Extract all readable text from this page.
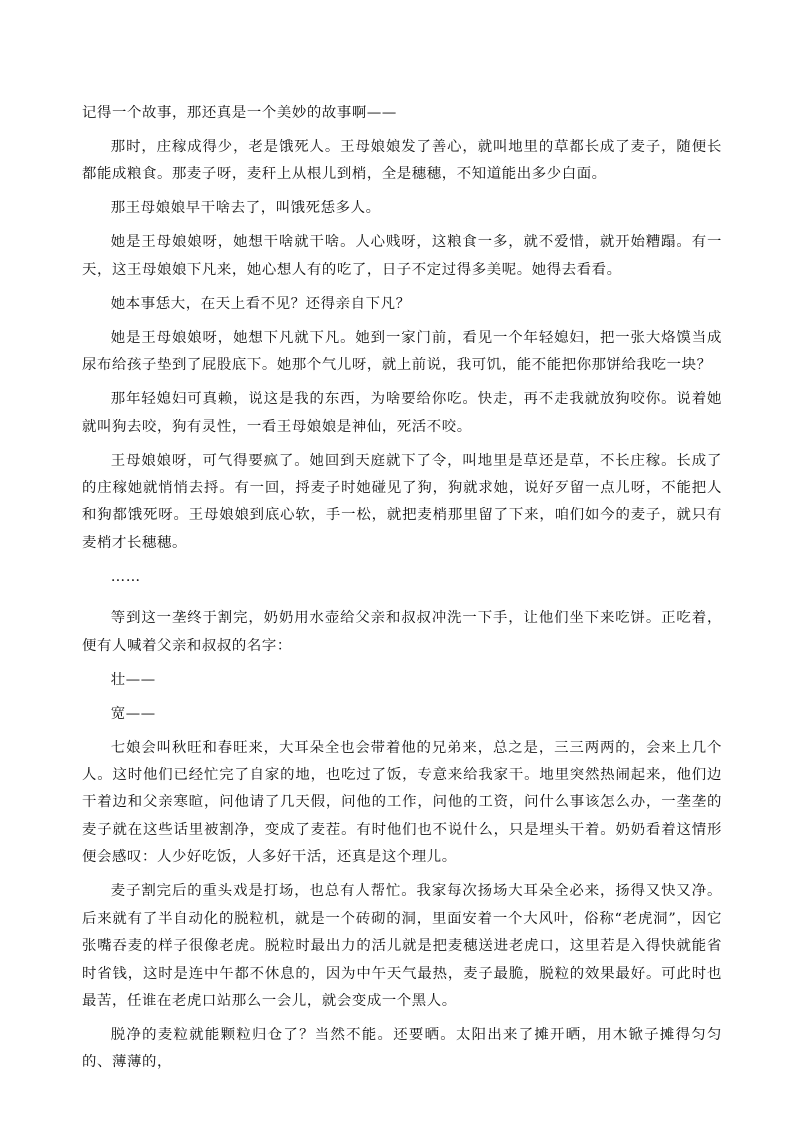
记得一个故事，那还真是一个美妙的故事啊——

那时，庄稼成得少，老是饿死人。王母娘娘发了善心，就叫地里的草都长成了麦子，随便长都能成粮食。那麦子呀，麦秆上从根儿到梢，全是穗穗，不知道能出多少白面。

那王母娘娘早干啥去了，叫饿死恁多人。

她是王母娘娘呀，她想干啥就干啥。人心贱呀，这粮食一多，就不爱惜，就开始糟蹋。有一天，这王母娘娘下凡来，她心想人有的吃了，日子不定过得多美呢。她得去看看。

她本事恁大，在天上看不见？还得亲自下凡？

她是王母娘娘呀，她想下凡就下凡。她到一家门前，看见一个年轻媳妇，把一张大烙馍当成尿布给孩子垫到了屁股底下。她那个气儿呀，就上前说，我可饥，能不能把你那饼给我吃一块？

那年轻媳妇可真赖，说这是我的东西，为啥要给你吃。快走，再不走我就放狗咬你。说着她就叫狗去咬，狗有灵性，一看王母娘娘是神仙，死活不咬。

王母娘娘呀，可气得要疯了。她回到天庭就下了令，叫地里是草还是草，不长庄稼。长成了的庄稼她就悄悄去捋。有一回，捋麦子时她碰见了狗，狗就求她，说好歹留一点儿呀，不能把人和狗都饿死呀。王母娘娘到底心软，手一松，就把麦梢那里留了下来，咱们如今的麦子，就只有麦梢才长穗穗。

……

等到这一垄终于割完，奶奶用水壶给父亲和叔叔冲洗一下手，让他们坐下来吃饼。正吃着，便有人喊着父亲和叔叔的名字：

壮——

宽——

七娘会叫秋旺和春旺来，大耳朵全也会带着他的兄弟来，总之是，三三两两的，会来上几个人。这时他们已经忙完了自家的地，也吃过了饭，专意来给我家干。地里突然热闹起来，他们边干着边和父亲寒暄，问他请了几天假，问他的工作，问他的工资，问什么事该怎么办，一垄垄的麦子就在这些话里被割净，变成了麦茬。有时他们也不说什么，只是埋头干着。奶奶看着这情形便会感叹：人少好吃饭，人多好干活，还真是这个理儿。

麦子割完后的重头戏是打场，也总有人帮忙。我家每次扬场大耳朵全必来，扬得又快又净。后来就有了半自动化的脱粒机，就是一个砖砌的洞，里面安着一个大风叶，俗称“老虎洞”，因它张嘴吞麦的样子很像老虎。脱粒时最出力的活儿就是把麦穗送进老虎口，这里若是入得快就能省时省钱，这时是连中午都不休息的，因为中午天气最热，麦子最脆，脱粒的效果最好。可此时也最苦，任谁在老虎口站那么一会儿，就会变成一个黑人。

脱净的麦粒就能颗粒归仓了？当然不能。还要晒。太阳出来了摊开晒，用木锨子摊得匀匀的、薄薄的，
